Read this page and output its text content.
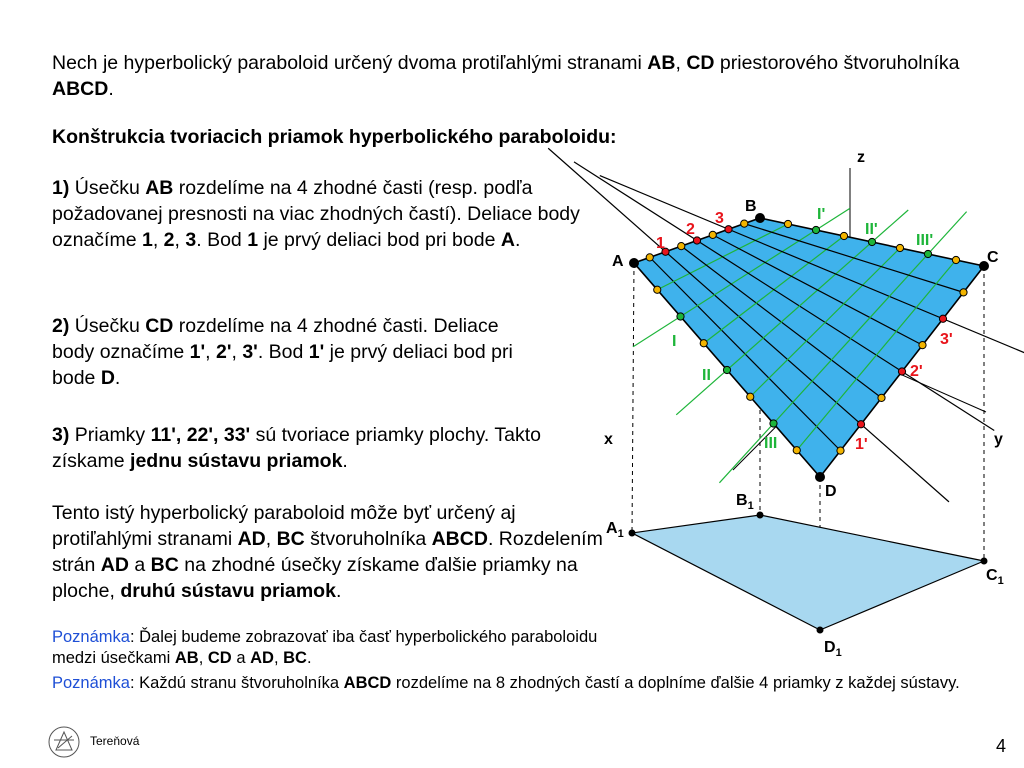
Nech je hyperbolický paraboloid určený dvoma protiľahlými stranami AB, CD priestorového štvoruholníka ABCD.
Konštrukcia tvoriacich priamok hyperbolického paraboloidu:
1) Úsečku AB rozdelíme na 4 zhodné časti (resp. podľa požadovanej presnosti na viac zhodných častí). Deliace body označíme 1, 2, 3. Bod 1 je prvý deliaci bod pri bode A.
2) Úsečku CD rozdelíme na 4 zhodné časti. Deliace body označíme 1', 2', 3'. Bod 1' je prvý deliaci bod pri bode D.
3) Priamky 11', 22', 33' sú tvoriace priamky plochy. Takto získame jednu sústavu priamok.
Tento istý hyperbolický paraboloid môže byť určený aj protiľahlými stranami AD, BC štvoruholníka ABCD. Rozdelením strán AD a BC na zhodné úsečky získame ďalšie priamky na ploche, druhú sústavu priamok.
Poznámka: Ďalej budeme zobrazovať iba časť hyperbolického paraboloidu medzi úsečkami AB, CD a AD, BC.
Poznámka: Každú stranu štvoruholníka ABCD rozdelíme na 8 zhodných častí a doplníme ďalšie 4 priamky z každej sústavy.
z
x	y
A
B
C
D
$A_1$
$B_1$
$C_1$
$D_1$
1
2
3
1'
2'
3'
I
II
III
I'
II'
III'
Tereňová	4
